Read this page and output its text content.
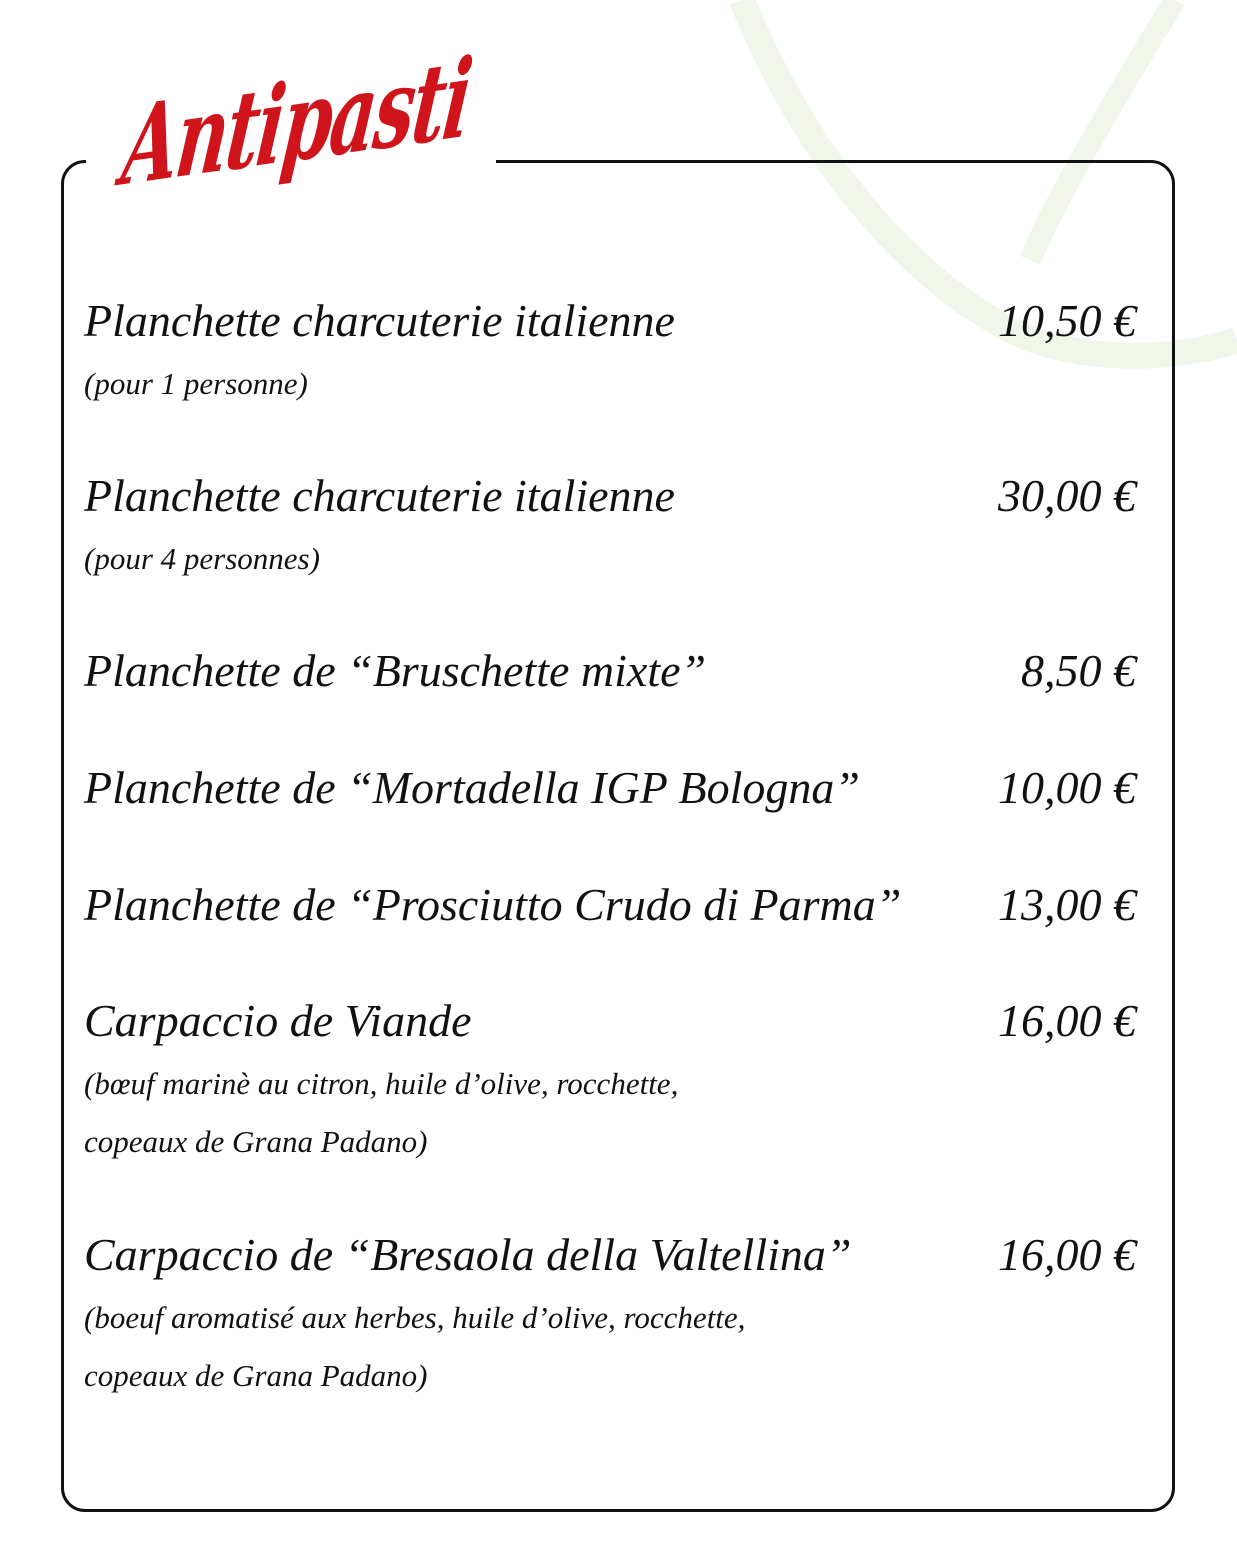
Antipasti
Planchette charcuterie italienne	10,50 €
(pour 1 personne)
Planchette charcuterie italienne	30,00 €
(pour 4 personnes)
Planchette de “Bruschette mixte”	8,50 €
Planchette de “Mortadella IGP Bologna”	10,00 €
Planchette de “Prosciutto Crudo di Parma” 13,00 €
Carpaccio de Viande	16,00 €
(bœuf marinè au citron, huile d’olive, rocchette,
copeaux de Grana Padano)
Carpaccio de “Bresaola della Valtellina”	16,00 €
(boeuf aromatisé aux herbes, huile d’olive, rocchette,
copeaux de Grana Padano)
